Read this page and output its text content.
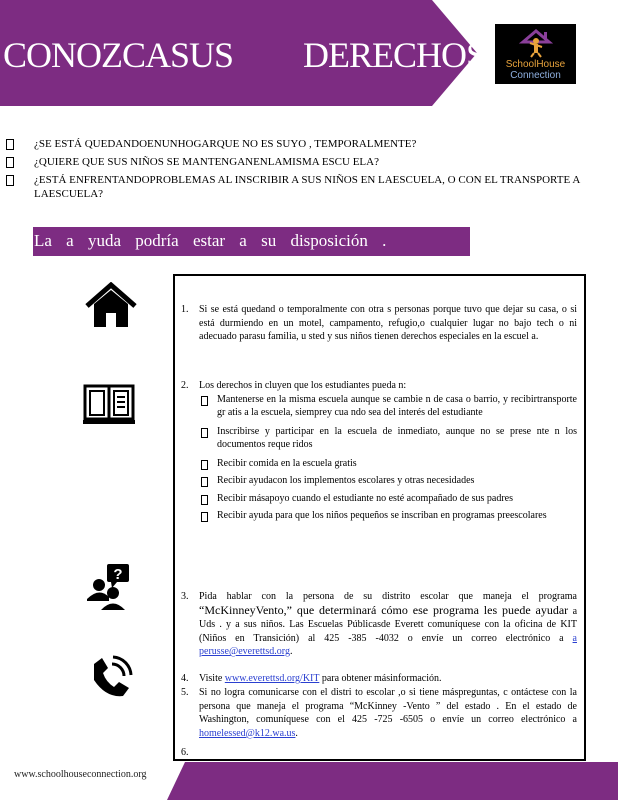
CONOZCASUS DERECHOS	SchoolHouse
Connection
¿SE ESTÁ QUEDANDOENUNHOGARQUE NO ES SUYO , TEMPORALMENTE?
¿QUIERE QUE SUS NIÑOS SE MANTENGANENLAMISMA ESCU ELA?
¿ESTÁ ENFRENTANDOPROBLEMAS AL INSCRIBIR A SUS NIÑOS EN LAESCUELA, O CON EL TRANSPORTE A LAESCUELA?
La a yuda podría estar a su disposición .
?
1. Si se está quedand o temporalmente con otra s personas porque tuvo que dejar su casa, o si está durmiendo en un motel, campamento, refugio,o cualquier lugar no bajo tech o ni adecuado parasu familia, u sted y sus niños tienen derechos especiales en la escuel a.
2. Los derechos in cluyen que los estudiantes pueda n:
Mantenerse en la misma escuela aunque se cambie n de casa o barrio, y recibirtransporte gr atis a la escuela, siemprey cua ndo sea del interés del estudiante
Inscribirse y participar en la escuela de inmediato, aunque no se prese nte n los documentos reque ridos
Recibir comida en la escuela gratis
Recibir ayudacon los implementos escolares y otras necesidades
Recibir másapoyo cuando el estudiante no esté acompañado de sus padres
Recibir ayuda para que los niños pequeños se inscriban en programas preescolares
3. Pida hablar con la persona de su distrito escolar que maneja el programa “McKinneyVento,” que determinará cómo ese programa les puede ayudar a Uds . y a sus niños. Las Escuelas Públicasde Everett comuníquese con la oficina de KIT (Niños en Transición) al 425 -385 -4032 o envíe un correo electrónico a a perusse@everettsd.org.
4. Visite www.everettsd.org/KIT para obtener másinformación.
5. Si no logra comunicarse con el distri to escolar ,o si tiene máspreguntas, c ontáctese con la persona que maneja el programa “McKinney -Vento ” del estado . En el estado de Washington, comuníquese con el 425 -725 -6505 o envíe un correo electrónico a homelessed@k12.wa.us.
6.
www.schoolhouseconnection.org
